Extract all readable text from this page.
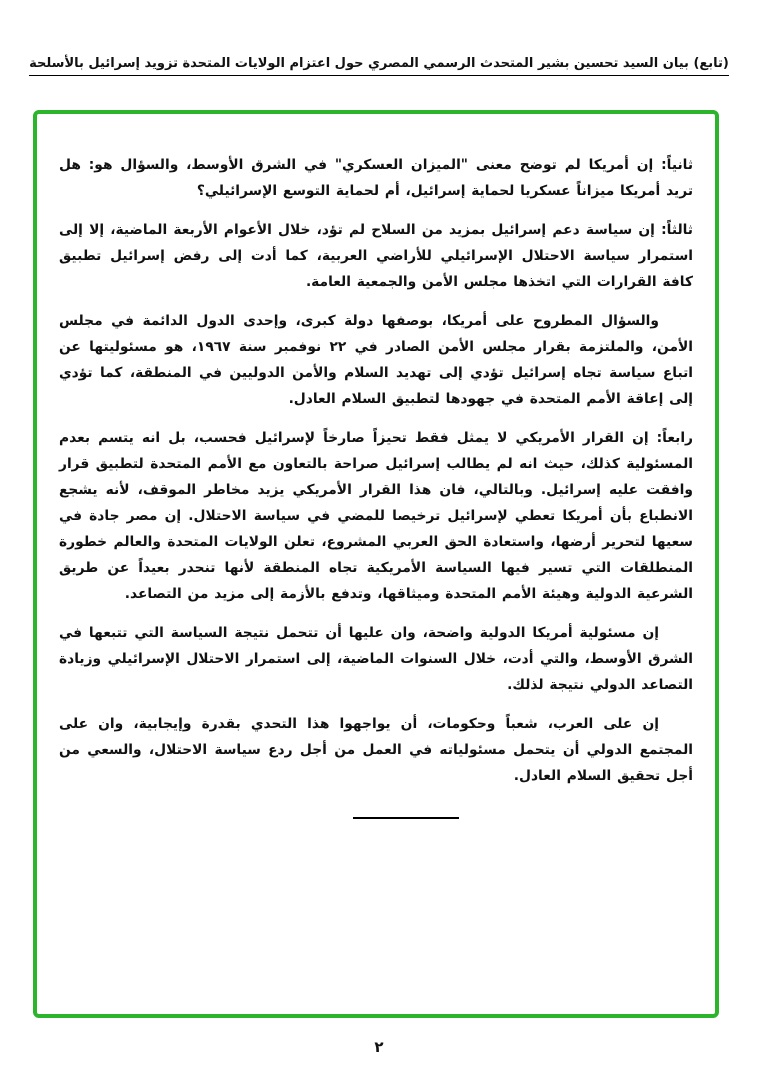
(تابع) بيان السيد تحسين بشير المتحدث الرسمي المصري حول اعتزام الولايات المتحدة تزويد إسرائيل بالأسلحة

ثانياً: إن أمريكا لم توضح معنى "الميزان العسكري" في الشرق الأوسط، والسؤال هو: هل تريد أمريكا ميزاناً عسكريا لحماية إسرائيل، أم لحماية التوسع الإسرائيلي؟

ثالثاً: إن سياسة دعم إسرائيل بمزيد من السلاح لم تؤد، خلال الأعوام الأربعة الماضية، إلا إلى استمرار سياسة الاحتلال الإسرائيلي للأراضي العربية، كما أدت إلى رفض إسرائيل تطبيق كافة القرارات التي اتخذها مجلس الأمن والجمعية العامة.

والسؤال المطروح على أمريكا، بوصفها دولة كبرى، وإحدى الدول الدائمة في مجلس الأمن، والملتزمة بقرار مجلس الأمن الصادر في ٢٢ نوفمبر سنة ١٩٦٧، هو مسئوليتها عن اتباع سياسة تجاه إسرائيل تؤدي إلى تهديد السلام والأمن الدوليين في المنطقة، كما تؤدي إلى إعاقة الأمم المتحدة في جهودها لتطبيق السلام العادل.

رابعاً: إن القرار الأمريكي لا يمثل فقط تحيزاً صارخاً لإسرائيل فحسب، بل انه يتسم بعدم المسئولية كذلك، حيث انه لم يطالب إسرائيل صراحة بالتعاون مع الأمم المتحدة لتطبيق قرار وافقت عليه إسرائيل. وبالتالي، فان هذا القرار الأمريكي يزيد مخاطر الموقف، لأنه يشجع الانطباع بأن أمريكا تعطي لإسرائيل ترخيصا للمضي في سياسة الاحتلال. إن مصر جادة في سعيها لتحرير أرضها، واستعادة الحق العربي المشروع، تعلن الولايات المتحدة والعالم خطورة المنطلقات التي تسير فيها السياسة الأمريكية تجاه المنطقة لأنها تنحدر بعيداً عن طريق الشرعية الدولية وهيئة الأمم المتحدة وميثاقها، وتدفع بالأزمة إلى مزيد من التصاعد.

إن مسئولية أمريكا الدولية واضحة، وان عليها أن تتحمل نتيجة السياسة التي تتبعها في الشرق الأوسط، والتي أدت، خلال السنوات الماضية، إلى استمرار الاحتلال الإسرائيلي وزيادة التصاعد الدولي نتيجة لذلك.

إن على العرب، شعباً وحكومات، أن يواجهوا هذا التحدي بقدرة وإيجابية، وان على المجتمع الدولي أن يتحمل مسئولياته في العمل من أجل ردع سياسة الاحتلال، والسعي من أجل تحقيق السلام العادل.

٢
